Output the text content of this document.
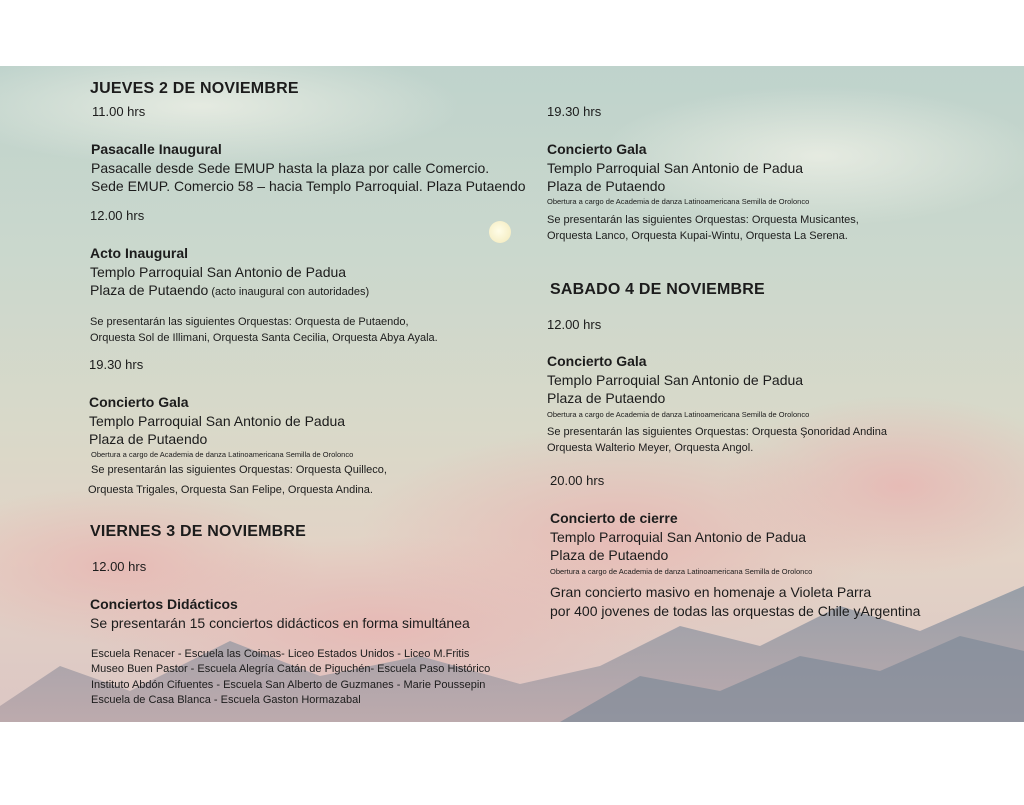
JUEVES 2 DE NOVIEMBRE
11.00 hrs
Pasacalle Inaugural
Pasacalle desde Sede EMUP hasta la plaza por calle Comercio.
Sede EMUP. Comercio 58 – hacia Templo Parroquial. Plaza Putaendo
12.00 hrs
Acto Inaugural
Templo Parroquial San Antonio de Padua
Plaza de Putaendo (acto inaugural con autoridades)
Se presentarán las siguientes Orquestas: Orquesta de Putaendo,
Orquesta Sol de Illimani, Orquesta Santa Cecilia, Orquesta Abya Ayala.
19.30 hrs
Concierto Gala
Templo Parroquial San Antonio de Padua
Plaza de Putaendo
Obertura a cargo de Academia de danza Latinoamericana Semilla de Orolonco
Se presentarán las siguientes Orquestas: Orquesta Quilleco,
Orquesta Trigales, Orquesta San Felipe, Orquesta Andina.
VIERNES 3 DE NOVIEMBRE
12.00 hrs
Conciertos Didácticos
Se presentarán 15 conciertos didácticos en forma simultánea
Escuela Renacer - Escuela las Coimas- Liceo Estados Unidos - Liceo M.Fritis
Museo Buen Pastor - Escuela Alegría Catán de Piguchén- Escuela Paso Histórico
Instituto Abdón Cifuentes - Escuela San Alberto de Guzmanes - Marie Poussepin
Escuela de Casa Blanca - Escuela Gaston Hormazabal
19.30 hrs
Concierto Gala
Templo Parroquial San Antonio de Padua
Plaza de Putaendo
Obertura a cargo de Academia de danza Latinoamericana Semilla de Orolonco
Se presentarán las siguientes Orquestas: Orquesta Musicantes,
Orquesta Lanco, Orquesta Kupai-Wintu, Orquesta La Serena.
SABADO 4 DE NOVIEMBRE
12.00 hrs
Concierto Gala
Templo Parroquial San Antonio de Padua
Plaza de Putaendo
Obertura a cargo de Academia de danza Latinoamericana Semilla de Orolonco
Se presentarán las siguientes Orquestas: Orquesta Şonoridad Andina
Orquesta Walterio Meyer, Orquesta Angol.
20.00 hrs
Concierto de cierre
Templo Parroquial San Antonio de Padua
Plaza de Putaendo
Obertura a cargo de Academia de danza Latinoamericana Semilla de Orolonco
Gran concierto masivo en homenaje a Violeta Parra
por 400 jovenes de todas las orquestas de Chile yArgentina
